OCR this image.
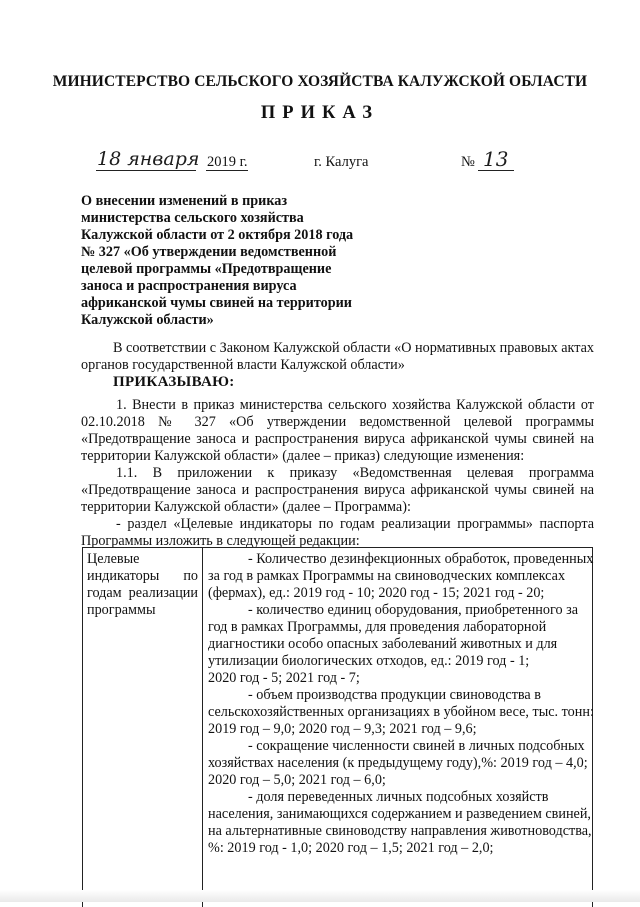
МИНИСТЕРСТВО СЕЛЬСКОГО ХОЗЯЙСТВА КАЛУЖСКОЙ ОБЛАСТИ
ПРИКАЗ
18 января 2019 г.	г. Калуга	№ 13
О внесении изменений в приказ
министерства сельского хозяйства
Калужской области от 2 октября 2018 года
№ 327 «Об утверждении ведомственной
целевой программы «Предотвращение
заноса и распространения вируса
африканской чумы свиней на территории
Калужской области»
В соответствии с Законом Калужской области «О нормативных правовых актах органов государственной власти Калужской области»
ПРИКАЗЫВАЮ:
1. Внести в приказ министерства сельского хозяйства Калужской области от 02.10.2018 № 327 «Об утверждении ведомственной целевой программы «Предотвращение заноса и распространения вируса африканской чумы свиней на территории Калужской области» (далее – приказ) следующие изменения:
1.1. В приложении к приказу «Ведомственная целевая программа «Предотвращение заноса и распространения вируса африканской чумы свиней на территории Калужской области» (далее – Программа):
- раздел «Целевые индикаторы по годам реализации программы» паспорта Программы изложить в следующей редакции:
Целевые
индикаторы по
годам реализации
программы
- Количество дезинфекционных обработок, проведенных
за год в рамках Программы на свиноводческих комплексах
(фермах), ед.: 2019 год - 10; 2020 год - 15; 2021 год - 20;
- количество единиц оборудования, приобретенного за
год в рамках Программы, для проведения лабораторной
диагностики особо опасных заболеваний животных и для
утилизации биологических отходов, ед.: 2019 год - 1;
2020 год - 5; 2021 год - 7;
- объем производства продукции свиноводства в
сельскохозяйственных организациях в убойном весе, тыс. тонн:
2019 год – 9,0; 2020 год – 9,3; 2021 год – 9,6;
- сокращение численности свиней в личных подсобных
хозяйствах населения (к предыдущему году),%: 2019 год – 4,0;
2020 год – 5,0; 2021 год – 6,0;
- доля переведенных личных подсобных хозяйств
населения, занимающихся содержанием и разведением свиней,
на альтернативные свиноводству направления животноводства,
%: 2019 год - 1,0; 2020 год – 1,5; 2021 год – 2,0;
